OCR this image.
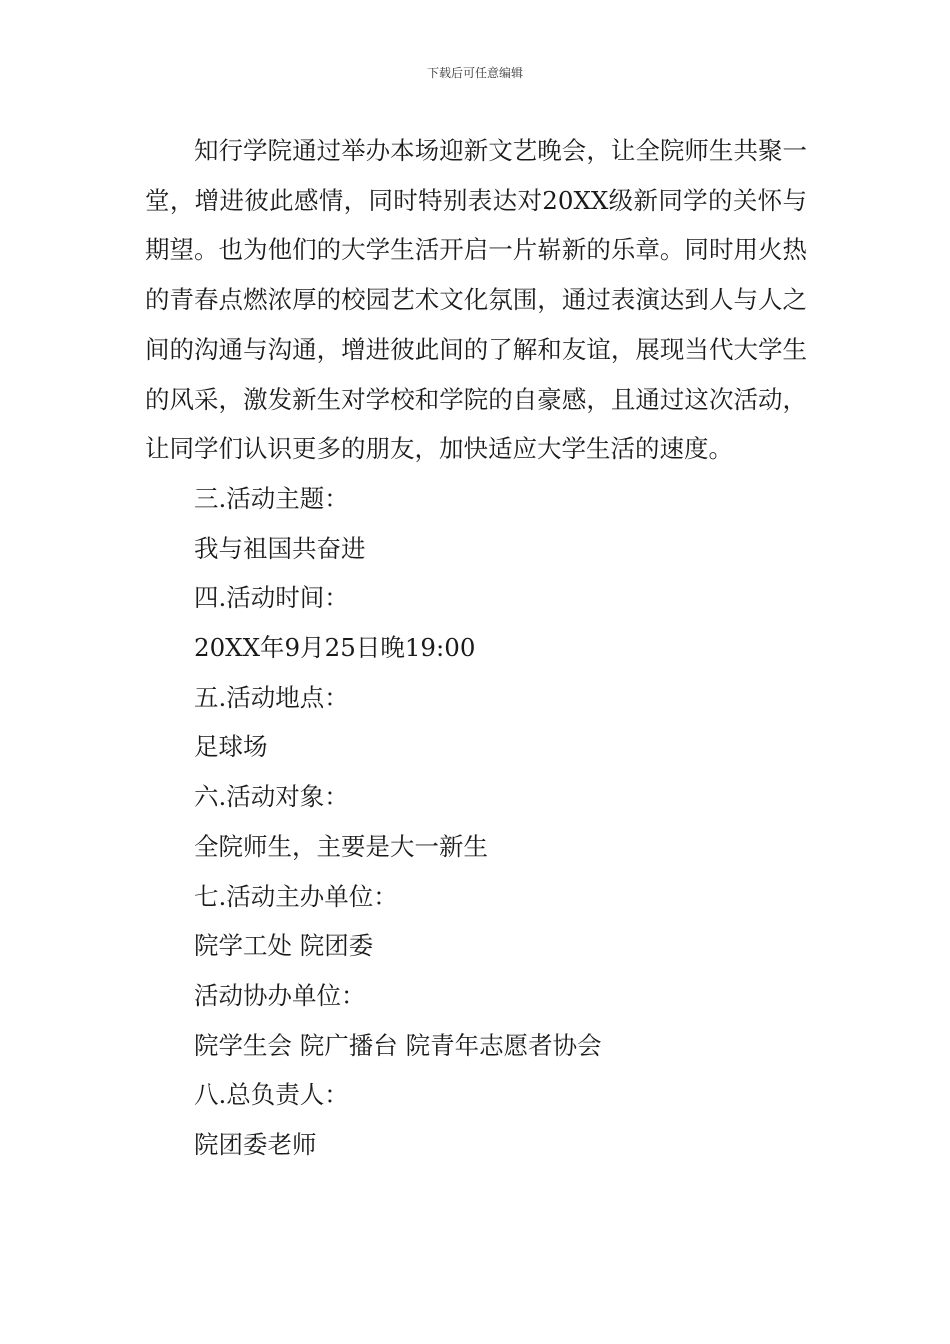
下载后可任意编辑

知行学院通过举办本场迎新文艺晚会，让全院师生共聚一堂，增进彼此感情，同时特别表达对20XX级新同学的关怀与期望。也为他们的大学生活开启一片崭新的乐章。同时用火热的青春点燃浓厚的校园艺术文化氛围，通过表演达到人与人之间的沟通与沟通，增进彼此间的了解和友谊，展现当代大学生的风采，激发新生对学校和学院的自豪感，且通过这次活动，让同学们认识更多的朋友，加快适应大学生活的速度。

三.活动主题：

我与祖国共奋进

四.活动时间：

20XX年9月25日晚19:00

五.活动地点：

足球场

六.活动对象：

全院师生，主要是大一新生

七.活动主办单位：

院学工处 院团委

活动协办单位：

院学生会 院广播台 院青年志愿者协会

八.总负责人：

院团委老师
